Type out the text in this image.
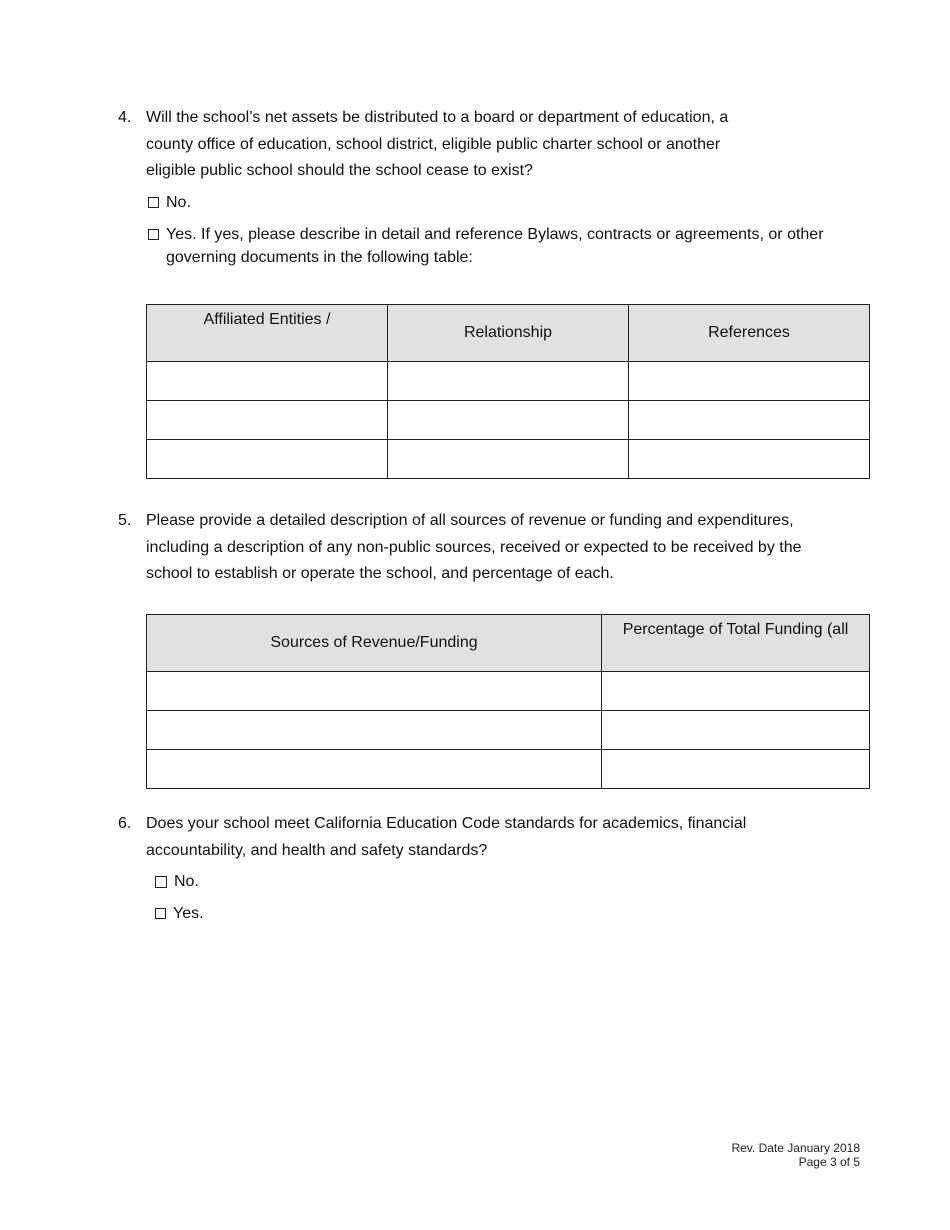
4. Will the school’s net assets be distributed to a board or department of education, a
county office of education, school district, eligible public charter school or another
eligible public school should the school cease to exist?
No.
Yes. If yes, please describe in detail and reference Bylaws, contracts or agreements, or other
governing documents in the following table:
Affiliated Entities /	Relationship	References

5. Please provide a detailed description of all sources of revenue or funding and expenditures,
including a description of any non-public sources, received or expected to be received by the
school to establish or operate the school, and percentage of each.
Sources of Revenue/Funding	Percentage of Total Funding (all

6. Does your school meet California Education Code standards for academics, financial
accountability, and health and safety standards?
No.
Yes.
Rev. Date January 2018
Page 3 of 5
